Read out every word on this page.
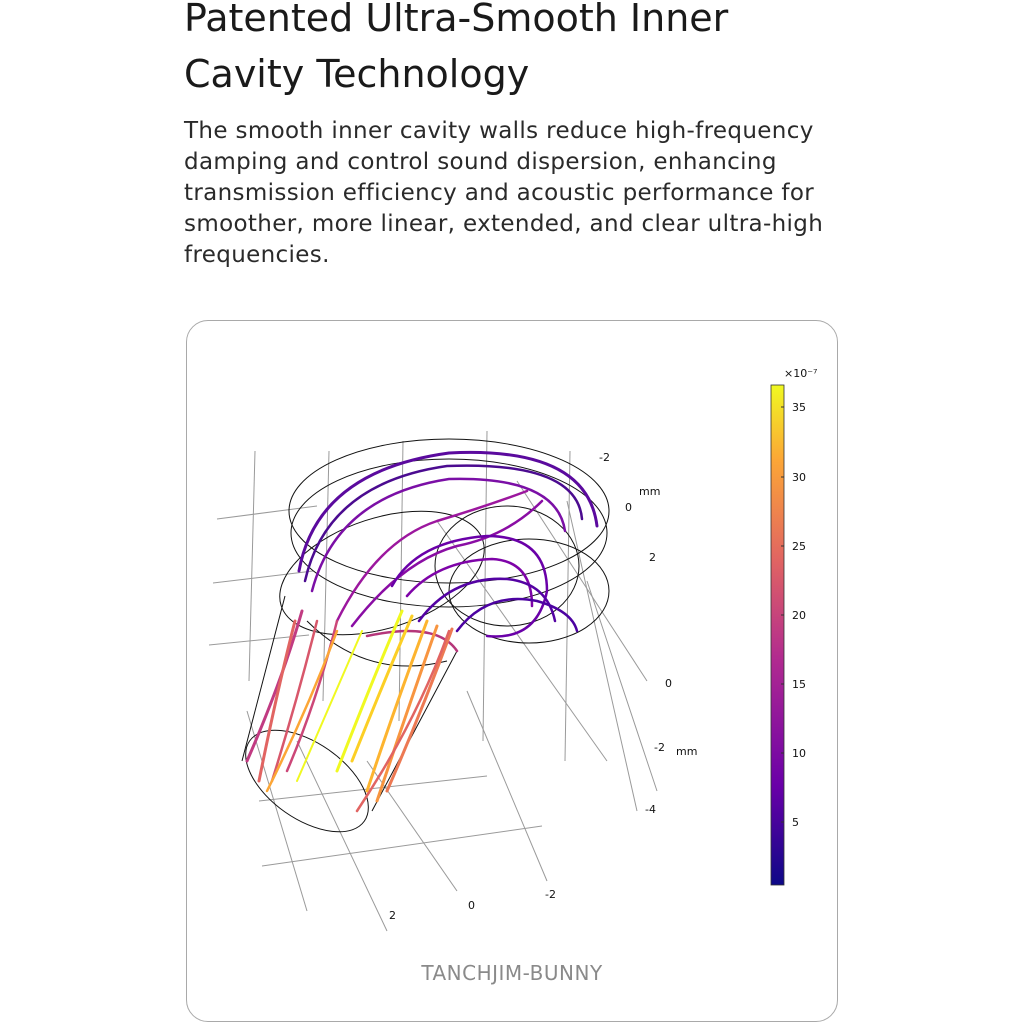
Patented Ultra-Smooth Inner
Cavity Technology

The smooth inner cavity walls reduce high-frequency damping and control sound dispersion, enhancing transmission efficiency and acoustic performance for smoother, more linear, extended, and clear ultra-high frequencies.

-2
0
2
mm
0
-2
-4
mm
2
0
-2
×10⁻⁷
35
30
25
20
15
10
5
TANCHJIM-BUNNY
